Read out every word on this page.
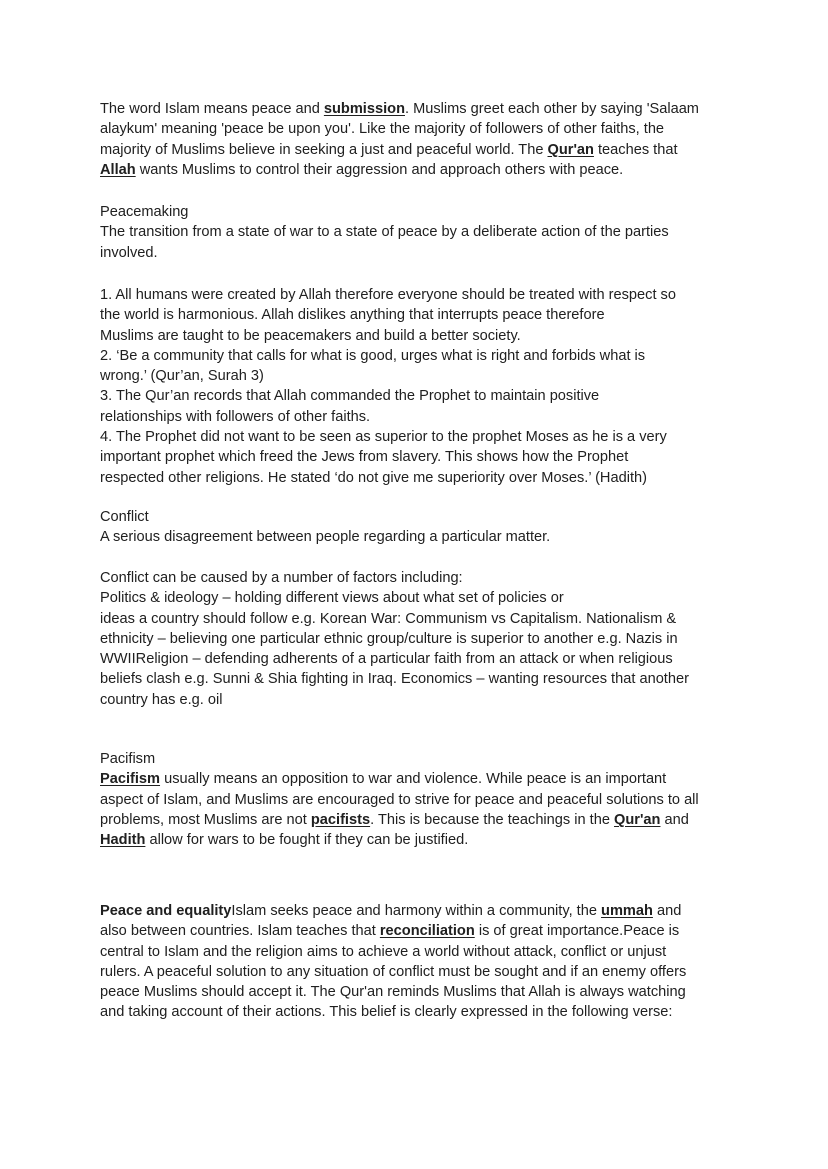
The word Islam means peace and submission. Muslims greet each other by saying 'Salaam
alaykum' meaning 'peace be upon you'. Like the majority of followers of other faiths, the
majority of Muslims believe in seeking a just and peaceful world. The Qur'an teaches that
Allah wants Muslims to control their aggression and approach others with peace.
Peacemaking
The transition from a state of war to a state of peace by a deliberate action of the parties
involved.
1. All humans were created by Allah therefore everyone should be treated with respect so
the world is harmonious. Allah dislikes anything that interrupts peace therefore
Muslims are taught to be peacemakers and build a better society.
2. ‘Be a community that calls for what is good, urges what is right and forbids what is
wrong.’ (Qur’an, Surah 3)
3. The Qur’an records that Allah commanded the Prophet to maintain positive
relationships with followers of other faiths.
4. The Prophet did not want to be seen as superior to the prophet Moses as he is a very
important prophet which freed the Jews from slavery. This shows how the Prophet
respected other religions. He stated ‘do not give me superiority over Moses.’ (Hadith)
Conflict
A serious disagreement between people regarding a particular matter.
Conflict can be caused by a number of factors including:
Politics & ideology – holding different views about what set of policies or
ideas a country should follow e.g. Korean War: Communism vs Capitalism. Nationalism &
ethnicity – believing one particular ethnic group/culture is superior to another e.g. Nazis in
WWIIReligion – defending adherents of a particular faith from an attack or when religious
beliefs clash e.g. Sunni & Shia fighting in Iraq. Economics – wanting resources that another
country has e.g. oil
Pacifism
Pacifism usually means an opposition to war and violence. While peace is an important
aspect of Islam, and Muslims are encouraged to strive for peace and peaceful solutions to all
problems, most Muslims are not pacifists. This is because the teachings in the Qur'an and
Hadith allow for wars to be fought if they can be justified.
Peace and equalityIslam seeks peace and harmony within a community, the ummah and
also between countries. Islam teaches that reconciliation is of great importance.Peace is
central to Islam and the religion aims to achieve a world without attack, conflict or unjust
rulers. A peaceful solution to any situation of conflict must be sought and if an enemy offers
peace Muslims should accept it. The Qur'an reminds Muslims that Allah is always watching
and taking account of their actions. This belief is clearly expressed in the following verse:
